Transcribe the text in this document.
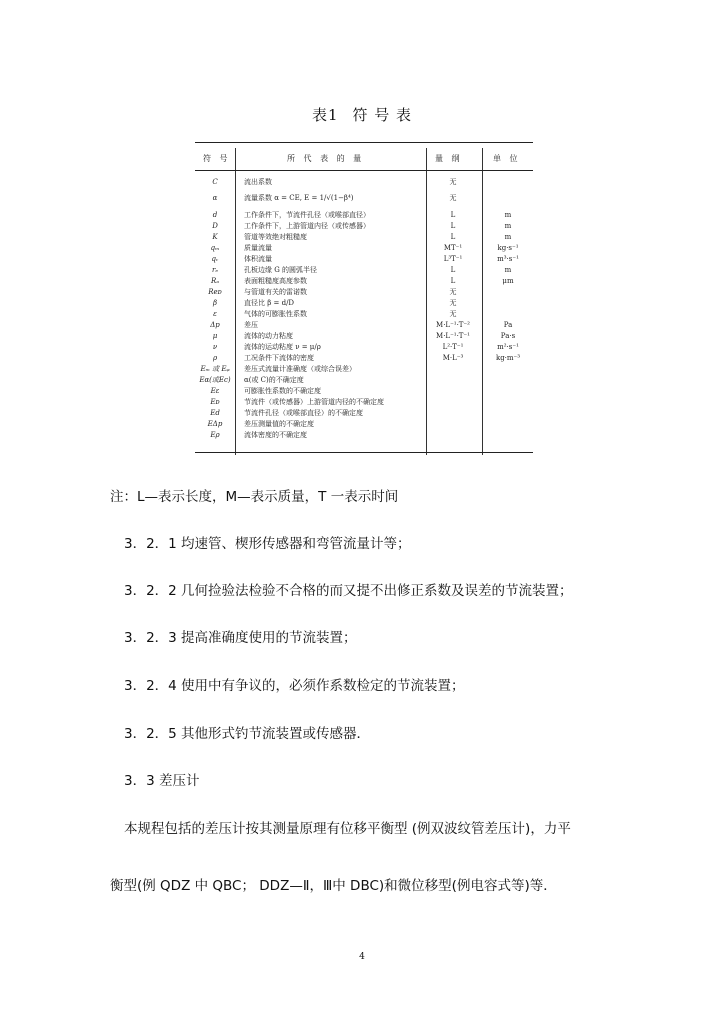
表1 符 号 表
符 号	所 代 表 的 量	量 纲	单 位
C	流出系数	无
α	流量系数 α = CE, E = 1/√(1−β⁴)	无
d	工作条件下，节流件孔径（或喉部直径）	L	m
D	工作条件下，上游管道内径（或传感器）	L	m
K	管道等效绝对粗糙度	L	m
qₘ	质量流量	MT⁻¹	kg·s⁻¹
qᵥ	体积流量	L³T⁻¹	m³·s⁻¹
rₑ	孔板边缘 G 的圆弧半径	L	m
Rₐ	表面粗糙度高度参数	L	μm
Reᴅ	与管道有关的雷诺数	无
β	直径比 β = d/D	无
ε	气体的可膨胀性系数	无
Δp	差压	M·L⁻¹·T⁻²	Pa
μ	流体的动力粘度	M·L⁻¹·T⁻¹	Pa·s
ν	流体的运动粘度 ν = μ/ρ	L²·T⁻¹	m²·s⁻¹
ρ	工况条件下流体的密度	M·L⁻³	kg·m⁻³
Eₘ 或 Eᵩ	差压式流量计准确度（或综合误差）
Eα(或Ec)	α(或 C)的不确定度
Eε	可膨胀性系数的不确定度
Eᴅ	节流件（或传感器）上游管道内径的不确定度
Ed	节流件孔径（或喉部直径）的不确定度
EΔp	差压测量值的不确定度
Eρ	流体密度的不确定度
注：L—表示长度，M—表示质量，T 一表示时间
3．2．1 均速管、楔形传感器和弯管流量计等；
3．2．2 几何捡验法检验不合格的而又提不出修正系数及误差的节流装置；
3．2．3 提高准确度使用的节流装置；
3．2．4 使用中有争议的，必须作系数检定的节流装置；
3．2．5 其他形式钓节流装置或传感器．
3．3 差压计
本规程包括的差压计按其测量原理有位移平衡型 (例双波纹管差压计)，力平
衡型(例 QDZ 中 QBC； DDZ—Ⅱ，Ⅲ中 DBC)和微位移型(例电容式等)等．
4
